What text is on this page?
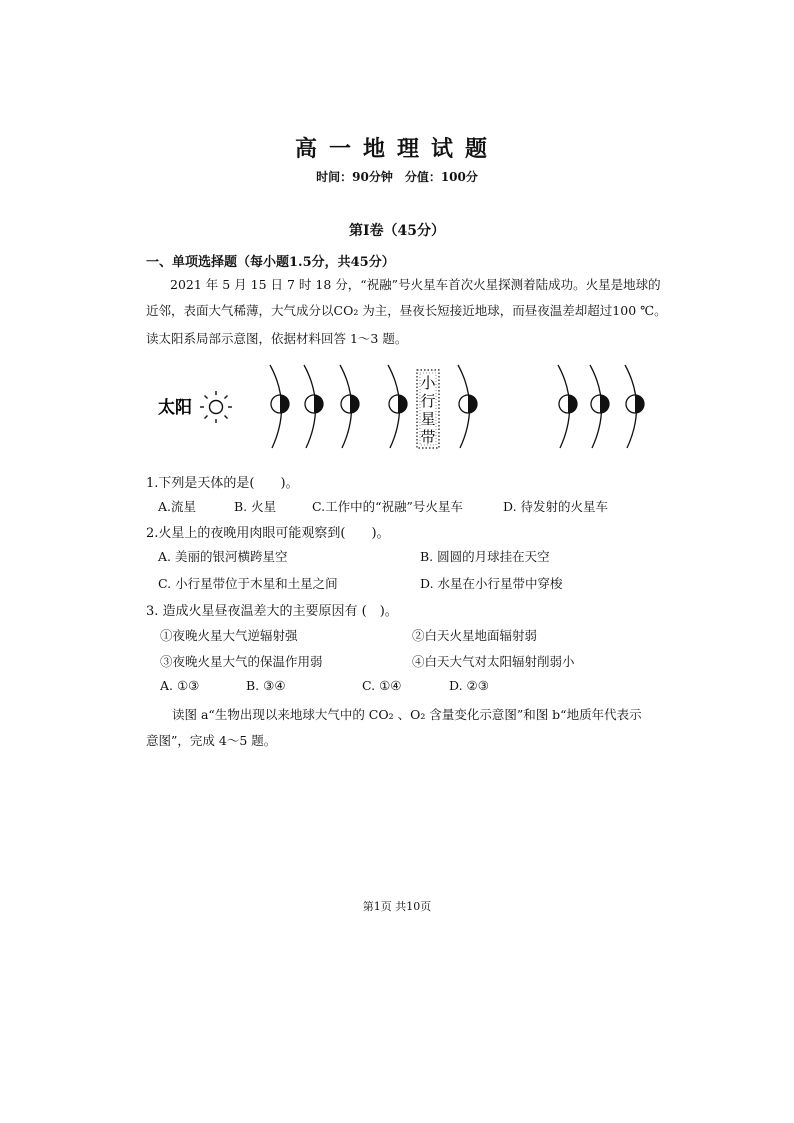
高一地理试题
时间：90分钟　分值：100分
第Ⅰ卷（45分）
一、单项选择题（每小题1.5分，共45分）
2021 年 5 月 15 日 7 时 18 分，“祝融”号火星车首次火星探测着陆成功。火星是地球的
近邻，表面大气稀薄，大气成分以CO₂ 为主，昼夜长短接近地球，而昼夜温差却超过100 ℃。
读太阳系局部示意图，依据材料回答 1～3 题。
太阳
小
行
星
带
1.下列是天体的是(　　)。
A.流星	B. 火星	C.工作中的“祝融”号火星车	D. 待发射的火星车
2.火星上的夜晚用肉眼可能观察到(　　)。
A. 美丽的银河横跨星空	B. 圆圆的月球挂在天空
C. 小行星带位于木星和土星之间	D. 水星在小行星带中穿梭
3. 造成火星昼夜温差大的主要原因有 (　)。
①夜晚火星大气逆辐射强	②白天火星地面辐射弱
③夜晚火星大气的保温作用弱	④白天大气对太阳辐射削弱小
A. ①③	B. ③④	C. ①④	D. ②③
读图 a“生物出现以来地球大气中的 CO₂ 、O₂ 含量变化示意图”和图 b“地质年代表示
意图”，完成 4～5 题。
第1页 共10页
